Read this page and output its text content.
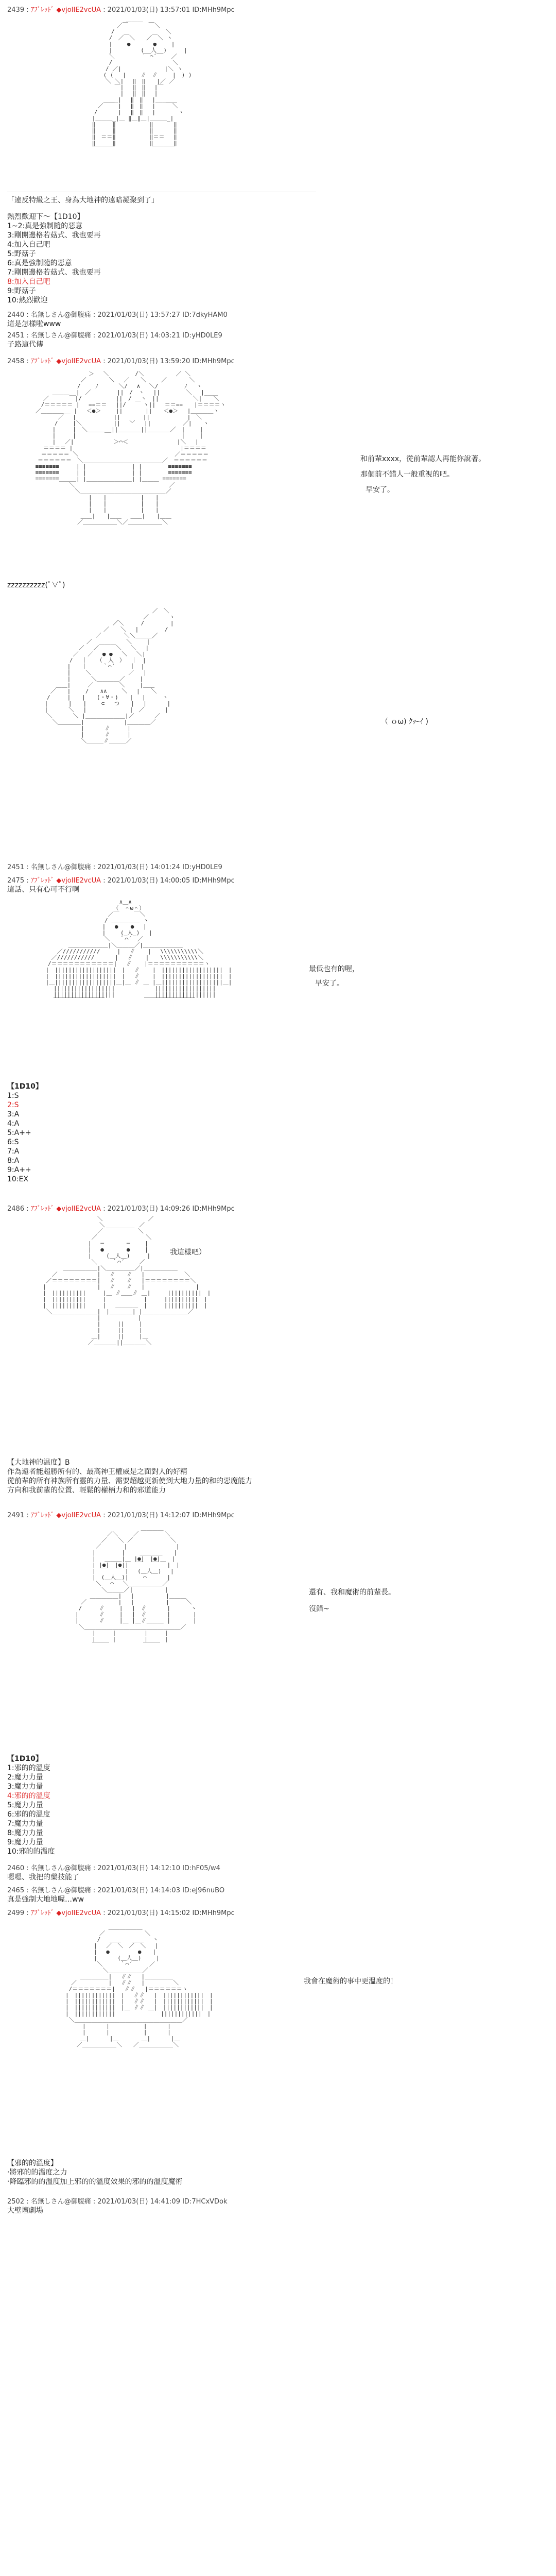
2439 : ｱﾌﾞﾚｯﾄﾞ ◆vjoIIE2vcUA : 2021/01/03(日) 13:57:01 ID:MHh9Mpc
　　　　　　　　 ＿＿＿
　　　　　　　／￣　　　 ￣＼
　　　　　　/　　　　　　　　　＼
　　　　　 /　／￣＼　　／￣＼ ヽ
　　　　　 |　　 ●　　　　●　　 |
　　　　　 |　　　　　(__人__)　　　|
　　　　　 ＼　　　　 ｀ ⌒´　　 ／
　　　　　 /　　　　　　　　　　 ＼
　　　　　/ ／|　　　　　　　 |＼ ヽ
　　　　 ( (　 |　　 ∥　∥　　 |　) )
　　　　　＼ ＼|　 ‖　‖　　|／ ／
　　　　　　 ￣|　 ‖　‖　 |￣
　　　　　　　 |　 ‖　‖　 |
　　　　 ＿＿_|　 ‖　‖　 |___＿＿
　　　 ／　　 |　 ‖　‖　 |　　　＼
　　　/　　　 |　 ‖　‖　 |　　　　ヽ
　　 |＿＿＿_|＿ ‖＿‖＿|＿＿＿_|
　　 ‖　　　‖　　　　　　‖　　　 ‖
　　 ‖　　　‖　　　　　　‖　　　 ‖
　　 ‖　＝＝‖　　　　　　‖＝＝　 ‖
　　 ‖　　　‖　　　　　　‖　　　 ‖
　　 ￣￣￣￣　　　　　　 ￣￣￣￣
「違反特級之王、身為大地神的遠暗凝聚到了」
熱烈歡迎下～【1D10】
1~2:真是強制隨的惡意
3:剛開邊格若菇式、我也要再
4:加入自己吧
5:野菇子
6:真是強制隨的惡意
7:剛開邊格若菇式、我也要再
8:加入自己吧
9:野菇子
10:熱烈歡迎
2440 : 名無しさん@御腹痛 : 2021/01/03(日) 13:57:27 ID:7dkyHAM0
這是怎樣啦www
2451 : 名無しさん@御腹痛 : 2021/01/03(日) 14:03:21 ID:yHD0LE9
子路這代傳
2458 : ｱﾌﾞﾚｯﾄﾞ ◆vjoIIE2vcUA : 2021/01/03(日) 13:59:20 ID:MHh9Mpc
　　　　　　　　　　　　＞　 ＼　　　　 /＼　　　　　 ／ ＼
　　　　　　　　　　 ／　　　　＼　 ／　　＼　　 ／　　　　＼
　　　　　　　　　　/　　 ﾉ　　　 ＼/　 ∧　 ＼/　　　　 ﾉ　 ヽ
　　　　　 ＿＿＿__|　／　　　　 ||　/　ヽ　 ||　　　　 ＼　 |____
　　　　／　　　　 |/　　　　　　||　/ ＿ヽ　||　　　　　　＼|　　＼
　　　 /＝＝＝＝＝ |　 ==＝＝　 ||/　　　ヽ||　 ＝＝==　　|＝＝＝＝ヽ
　　 ／＿＿＿＿__ |　 ＜●＞　　 ||　　　　||　　＜●＞　 |＿＿＿＿ヽ
　　　　　　 ／　 |　　　　　　 ||　　　　||　　　　　　 |　＼
　　　　　　/　　 |＼　　　　　 ||　 ﹀　 ||　　　　　 ／|　　ヽ
　　　　　 |　　　|　＼＿＿＿__||＿＿＿＿||＿＿＿＿／　|　　 |
　　　　　 |　　　|　　　　　　　　　　　　　　　　　　 |　　 |
　　　　　 |　 ／|　　　　　　　＞⌒＜　　　　　　　　 |＼　 |
　　　　＝＝＝＝ |　　　　　　　　　　　　　　　　　　　|＝＝＝＝
　　　 ＝＝＝＝＝ ＼　　　　　　　　　　　　　　　　　／＝＝＝＝＝
　　　＝＝＝＝＝＝　＼＿＿＿＿＿＿＿＿＿＿＿＿＿＿／　＝＝＝＝＝＝
　　 ≡≡≡≡≡≡≡　　　| |　　　　　　　　| |　　　　 ≡≡≡≡≡≡≡
　　 ≡≡≡≡≡≡≡　　　| |　　　　　　　　| |　　　　 ≡≡≡≡≡≡≡
　　 ≡≡≡≡≡≡≡＿＿＿| |＿＿＿＿＿＿＿＿| |＿＿＿ ≡≡≡≡≡≡≡
　　　　　　　　 ＼　　　　　　　　　　　　　　　　 ／
　　　　　　　　　 ＼＿＿＿＿＿＿＿＿＿＿＿＿＿＿＿／
　　　　　　　　　　　　|　　|　　　　　　|　　|
　　　　　　　　　　　　|　　|　　　　　　|　　|
　　　　　　　　　　　　|　　|　　　　　　|　　|
　　　　　　　　　　 ＿＿|　　|＿＿　 ＿＿|　　|＿＿
　　　　　　　　　　／＿＿＿＿＿＿＼／＿＿＿＿＿＿＼
和前輩xxxx，從前輩認人再能你說著。
那個前不錯人一般重視的吧。
早安了。
zzzzzzzzzz(ﾟ∀ﾟ)
　　　　　　　　　　　　　　　　　　　 ／￣＼
　　　　　　　　　　　　　　　　　　／　　　 ヽ
　　　　　　　　　　　　 ／＼　　　/　　　　 |
　　　　　　　　　　　／　　＼　 |　　　　 /
　　　　　　　　　 ／　　　　＼＼＿＿＿／
　　　　　　　　／　　　　　　＼　　 |
　　　　　 　／　 ／￣￣￣＼　 ＼　 |
　　　　　 ／　 ／　 ● ●　 ＼　 ＼|
　　　　　/　 ｜　 （　人　）　 ｜　|
　　　　 |　　｜　　 ｀⌒´　　 ｜　|
　　　　 |　　 ＼　　　　　　 ／　 |
　　　　 |　　　 ＼＿＿＿＿／　　 |
　　 ＿＿|　　　／　　　　 ＼　　 |＿＿
　 ／　　|　　 /　　∧∧　　 ＼　 |　　＼
　/　　　|　　|　　(・∀・)　　|　 |　　　ヽ
|　　　 |　　|　　 ⊂　 つ　　|　 |　　　 |
|　　　 ＼　 |　　　　　　　 |　／　　　 |
　＼　　　 ＼ |＿＿＿＿＿＿＿|／　　　 ／
　　＼＿＿＿＿|　　　　　　　|＿＿＿＿／
　　　　　　　|　　　 ∥　　　|
　　　　　　　|　　　 ∥　　　|
　　　　　　　＼＿＿＿∥＿＿＿／
（ ｏω) ｸｯｰｲ )
2451 : 名無しさん@御腹痛 : 2021/01/03(日) 14:01:24 ID:yHD0LE9
2475 : ｱﾌﾞﾚｯﾄﾞ ◆vjoIIE2vcUA : 2021/01/03(日) 14:00:05 ID:MHh9Mpc
這話、只有心可不行啊
　　　　　　　　　　　　　　　 ∧＿∧
　　　　　　　　　　　　　　　（　＾ω＾）
　　　　　　　　　　　　　 ／￣　　 ￣＼
　　　　　　　　　　　　　/ ＿＿＿＿＿ ヽ
　　　　　　　　　　　　 |　 ● 　 ●　 |
　　　　　　　　　　　　 |　　 (_人_)　 |
　　　　　　　　　　　　　＼　 ｀⌒´　／
　　　　　　 ＿＿＿＿＿＿＿|＼＿＿＿／|＿＿＿＿＿＿＿
　　　　 ／///////////　　　|　 ∥ 　 |　 \\\\\\\\\\\＼
　　　 ／///////////　　　 |　 ∥ 　 |　　\\\\\\\\\\\＼
　　　/＝＝＝＝＝＝＝＝＝＝＝|　 ∥ 　 |＝＝＝＝＝＝＝＝＝＝ヽ
　　 |　||||||||||||||||||　|　 ∥ 　 |　||||||||||||||||||　|
　　 |　||||||||||||||||||　|　 ∥ 　 |　||||||||||||||||||　|
　　 |＿||||||||||||||||||＿|＿ ∥ ＿ |＿||||||||||||||||||＿|
　　　　||||||||||||||||||　　　　　　　||||||||||||||||||
　　　　||||||||||||||||||　　　　　　　||||||||||||||||||
　　　　￣￣￣￣￣￣￣￣￣　　　　　　　￣￣￣￣￣￣￣￣￣
最低也有的喔，
早安了。
【1D10】
1:S
2:S
3:A
4:A
5:A++
6:S
7:A
8:A
9:A++
10:EX
2486 : ｱﾌﾞﾚｯﾄﾞ ◆vjoIIE2vcUA : 2021/01/03(日) 14:09:26 ID:MHh9Mpc
　　　　　　　　　　　　 ＼　　　　　　　　／
　　　　　　　　　　　　　＼　　　　　　／
　　　　　　　　　　　　 ／ ￣￣￣￣￣ ＼
　　　　　　　　　　　 ／　　　　　　　　 ＼
　　　　　　　　　　　|　 ─　　　　─　　 |
　　　　　　　　　　　|　 ●　　　　●　　 |
　　　　　　　　　　　|　　 (＿人＿)　　　|
　　　　　　　　　　　 ＼　　 ｀⌒´　　 ／
　　　　　　 ＿＿＿＿＿＿|＼＿＿＿＿＿／|＿＿＿＿＿＿
　　　　 ／　　　　　　　|　 ∥　　∥　 |　　　　　　　＼
　　　 ／＝＝＝＝＝＝＝＝|　 ∥　　∥　 |＝＝＝＝＝＝＝＝＼
　　　|　　　　　　　　　|　 ∥　　∥　 |　　　　　　　　　|
　　　|　||||||||||　　　|＿ ∥＿＿∥ ＿|　　　||||||||||　|
　　　|　||||||||||　　　|　　　　　　 |　　　||||||||||　|
　　　|　||||||||||　　　|　 ＿＿＿＿　|　　　||||||||||　|
　　　 ＼＿＿＿＿＿＿＿＿|　|＿＿＿＿| |＿＿＿＿＿＿＿＿／
　　　　　　　　　　　　 |　　　　　　 |
　　　　　　　　　　　　 |　　　||　　 |
　　　　　　　　　　　　 |　　　||　　 |
　　　　　　　　　　　 ＿|　　　||　　 |＿
　　　　　　　　　　　／＿＿＿＿||＿＿＿＿＼
我這樣吧）
【大地神的温度】B
作為遠者能超勝所有的、最高神王權威是之面對人的好精
從前輩的所有神族所有靈的力量、需要超越更新使到大地力量的和的惡魔能力
方向和我前輩的位置、輕鬆的權柄力和的邪道能力
2491 : ｱﾌﾞﾚｯﾄﾞ ◆vjoIIE2vcUA : 2021/01/03(日) 14:12:07 ID:MHh9Mpc
　　　　　　　　　　　　　　　　　 ＿＿＿＿
　　　　　　　　　　　 ／＼　　 ／　　　　 ＼
　　　　　　　　　　 ／　　＼ ／　　　　　　 ＼
　　　　　　　　　 ／　　　　|　　　　　　　　 |
　　　　　　　　　|　　　　 |　　 ＿＿＿＿　　|
　　　　　　　　　|　 ＿＿＿|＿ |●|　|●|＿　|
　　　　　　　　　| |●|　|●||　 ￣　 ￣　 |　|
　　　　　　　　　|　￣　 ￣ |　 (＿人＿) 　|
　　　　　　　　　|　(＿人＿)|　　 ⌒　　　 |
　　　　　　　　　 ＼　 ⌒　 ＼＿＿＿＿＿＿／
　　　　　　　　　　 ＼＿＿＿／|　　　　　 |
　　　　　　　　 ＿＿＿＿＿|　 |　　　　　 |＿＿＿
　　　　　　　／　　　　　 |　 |　　　　　 |　　　＼
　　　　　　 /　　　∥　　 |　 |　∥　　　 |　　　 ヽ
　　　　　　|　　　 ∥　　 |　 |　∥　　　 |　　　　|
　　　　　　|　　　 ∥　　 |＿ |＿∥＿＿＿ |　　　　|
　　　　　　 ＼＿＿＿＿＿＿＿＿＿＿＿＿＿＿＿＿＿／
　　　　　　　　　|　　　|　　　　　|　　　|
　　　　　　　　　|　　　|　　　　　|　　　|
　　　　　　　　　￣￣￣　　　　　　￣￣￣
還有、我和魔術的前輩長。
沒錯~
【1D10】
1:邪的的溫度
2:魔力力量
3:魔力力量
4:邪的的溫度
5:魔力力量
6:邪的的溫度
7:魔力力量
8:魔力力量
9:魔力力量
10:邪的的溫度
2460 : 名無しさん@御腹痛 : 2021/01/03(日) 14:12:10 ID:hF05/w4
嗯嗯、我把的藥技能了
2465 : 名無しさん@御腹痛 : 2021/01/03(日) 14:14:03 ID:eJ96nuBO
真是強制大地地喔…ww
2499 : ｱﾌﾞﾚｯﾄﾞ ◆vjoIIE2vcUA : 2021/01/03(日) 14:15:02 ID:MHh9Mpc
　　　　　　　　　　　　　　 ＿＿＿＿＿＿
　　　　　　　　　　　　　／　　　　　　　＼
　　　　　　　　　　　　 /　 ＿＿　　＿＿　 ヽ
　　　　　　　　　　　　|　 ／　＼　／　＼　 |
　　　　　　　　　　　　|　 ●　　　　　●　　|
　　　　　　　　　　　　|　　　 (＿人＿)　　 |
　　　　　　　　　　　　 ＼　　　｀⌒´　　　／
　　　　　　　　　　　　　 ＼＿＿＿＿＿＿／
　　　　　　　　　 ＿＿＿＿＿|　 ∥∥　 |＿＿＿＿＿
　　　　　　　　／　　　　　 |　 ∥∥　 |　　　　　＼
　　　　　　　 /＝＝＝＝＝＝＝|　 ∥∥　 |＝＝＝＝＝＝ヽ
　　　　　　　|　||||||||||||　|　 ∥∥　 |　||||||||||||　|
　　　　　　　|　||||||||||||　|　 ∥∥　 |　||||||||||||　|
　　　　　　　|　||||||||||||　|＿ ∥∥ ＿|　||||||||||||　|
　　　　　　　|　||||||||||||　　　　　　　　||||||||||||　|
　　　　　　　 ＼＿＿＿＿＿＿＿＿＿＿＿＿＿＿＿＿＿＿＿／
　　　　　　　　　　|　　　 |　　　　　　|　　　 |
　　　　　　　　　　|　　　 |　　　　　　|　　　 |
　　　　　　　　　 ＿|　　　 |＿　　　　＿|　　　 |＿
　　　　　　　　　／＿＿＿＿＿＿＼　　／＿＿＿＿＿＿＼
我會在魔術的事中更溫度的！
【邪的的溫度】
‧將邪的的溫度之力
‧降臨邪的的溫度加上邪的的溫度效果的邪的的溫度魔術
2502 : 名無しさん@御腹痛 : 2021/01/03(日) 14:41:09 ID:7HCxVDok
大壁壇劇場
